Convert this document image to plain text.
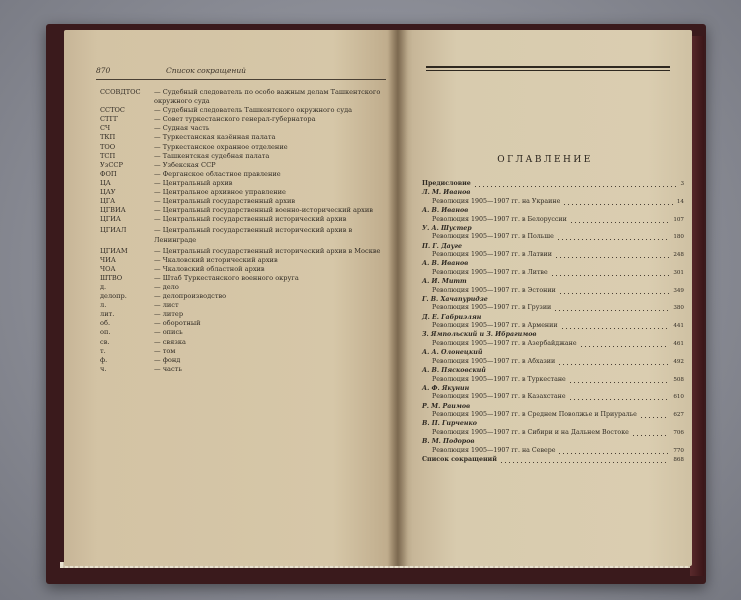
870	Список сокращений
ССОВДТОС	— Судебный следователь по особо важным делам Ташкентского окружного суда
ССТОС	— Судебный следователь Ташкентского окружного суда
СТГГ	— Совет туркестанского генерал-губернатора
СЧ	— Судная часть
ТКП	— Туркестанская казённая палата
ТОО	— Туркестанское охранное отделение
ТСП	— Ташкентская судебная палата
УзССР	— Узбекская ССР
ФОП	— Ферганское областное правление
ЦА	— Центральный архив
ЦАУ	— Центральное архивное управление
ЦГА	— Центральный государственный архив
ЦГВИА	— Центральный государственный военно-исторический архив
ЦГИА	— Центральный государственный исторический архив
ЦГИАЛ	— Центральный государственный исторический архив в Ленинграде
ЦГИАМ	— Центральный государственный исторический архив в Москве
ЧИА	— Чкаловский исторический архив
ЧОА	— Чкаловский областной архив
ШТВО	— Штаб Туркестанского военного округа
д.	— дело
делопр.	— делопроизводство
л.	— лист
лит.	— литер
об.	— оборотный
оп.	— опись
св.	— связка
т.	— том
ф.	— фонд
ч.	— часть
ОГЛАВЛЕНИЕ
Предисловие	3
Л. М. Иванов
Революция 1905—1907 гг. на Украине	14
А. В. Иванов
Революция 1905—1907 гг. в Белоруссии	107
У. А. Шустер
Революция 1905—1907 гг. в Польше	180
П. Г. Дауге
Революция 1905—1907 гг. в Латвии	248
А. В. Иванов
Революция 1905—1907 гг. в Литве	301
А. И. Митт
Революция 1905—1907 гг. в Эстонии	349
Г. В. Хачапуридзе
Революция 1905—1907 гг. в Грузии	380
Д. Е. Габриэлян
Революция 1905—1907 гг. в Армении	441
З. Ямпольский и З. Ибрагимов
Революция 1905—1907 гг. в Азербайджане	461
А. А. Олонецкий
Революция 1905—1907 гг. в Абхазии	492
А. В. Пясковский
Революция 1905—1907 гг. в Туркестане	508
А. Ф. Якунин
Революция 1905—1907 гг. в Казахстане	610
Р. М. Раимов
Революция 1905—1907 гг. в Среднем Поволжье и Приуралье	627
В. П. Гирченко
Революция 1905—1907 гг. в Сибири и на Дальнем Востоке	706
В. М. Подоров
Революция 1905—1907 гг. на Севере	770
Список сокращений	868
